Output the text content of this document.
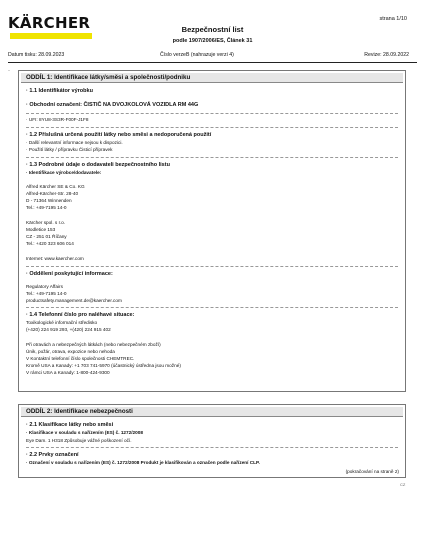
KÄRCHER	strana 1/10
Bezpečnostní list
podle 1907/2006/ES, Článek 31
Datum tisku: 28.09.2023	Číslo verzeB (nahrazuje verzi 4)	Revize: 28.09.2022
·
ODDÍL 1: Identifikace látky/směsi a společnosti/podniku
· 1.1 Identifikátor výrobku
· Obchodní označení: ČISTIČ NA DVOJKOLOVÁ VOZIDLA RM 44G
· UFI: 8YU8-3S3R-F00F-J1F8
· 1.2 Příslušná určená použití látky nebo směsi a nedoporučená použití
· Další relevantní informace nejsou k dispozici.
· Použití látky / přípravku Čisticí přípravek
· 1.3 Podrobné údaje o dodavateli bezpečnostního listu
· Identifikace výrobce/dodavatele:
Alfred Kärcher SE & Co. KG
Alfred-Kärcher-Str. 28-40
D - 71364 Winnenden
Tel.: +49-7195 14-0
Kärcher spol. s r.o.
Modletice 153
CZ - 251 01 Říčany
Tel.: +420 323 606 014
Internet: www.kaercher.com
· Oddělení poskytující informace:
Regulatory Affairs
Tel.: +49-7195 14-0
productsafety.management.de@kaercher.com
· 1.4 Telefonní číslo pro naléhavé situace:
Toxikologické informační středisko
(+420) 224 919 293, +(420) 224 915 402
Při otravách a nebezpečných látkách (nebo nebezpečném zboží)
Únik, požár, otrava, expozice nebo nehoda
V Kontaktní telefonní číslo společnosti CHEMTREC.
Kromě USA a Kanady: +1 703 741-5970 (účastnický ústředna jsou možné)
V rámci USA a Kanady: 1-800-424-9300
ODDÍL 2: Identifikace nebezpečnosti
· 2.1 Klasifikace látky nebo směsi
· Klasifikace v souladu s nařízením (ES) č. 1272/2008
Eye Dam. 1 H318 Způsobuje vážné poškození očí.
· 2.2 Prvky označení
· Označení v souladu s nařízením (ES) č. 1272/2008 Produkt je klasifikován a označen podle nařízení CLP.
(pokračování na straně 2)
CZ
